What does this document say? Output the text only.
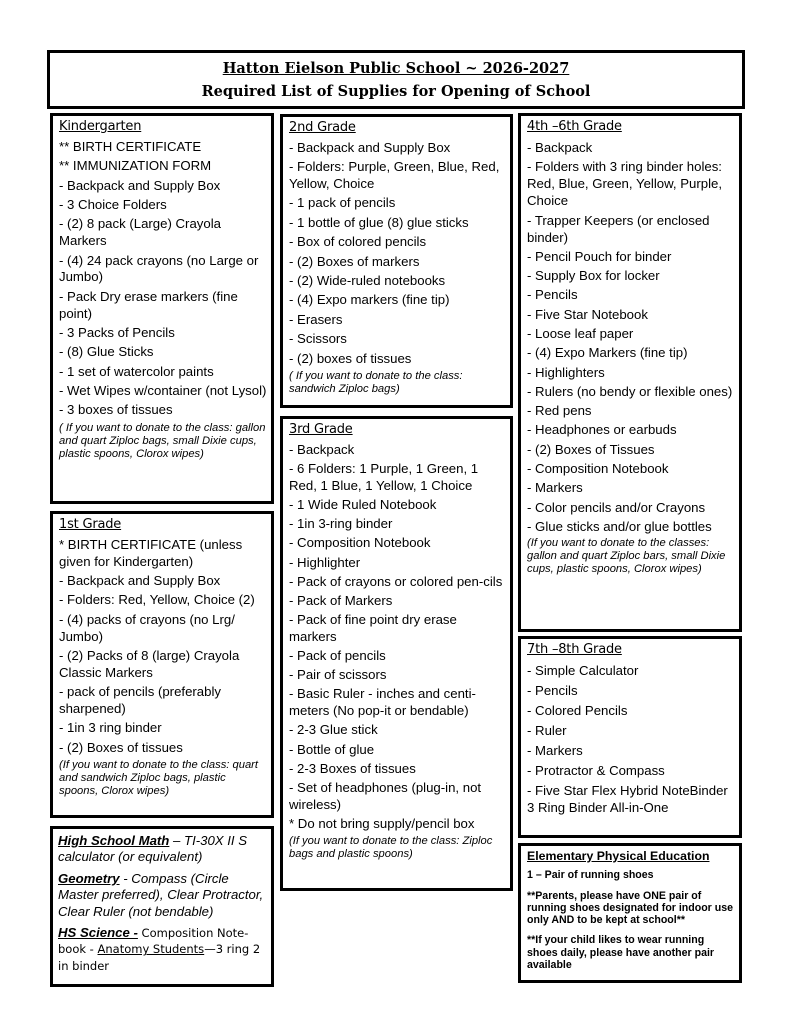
Hatton Eielson Public School ~ 2026-2027
Required List of Supplies for Opening of School
Kindergarten
** BIRTH CERTIFICATE
** IMMUNIZATION FORM
- Backpack and Supply Box
- 3 Choice Folders
- (2) 8 pack (Large) Crayola Markers
- (4) 24 pack crayons (no Large or Jumbo)
- Pack Dry erase markers (fine point)
- 3 Packs of Pencils
- (8) Glue Sticks
- 1 set of watercolor paints
- Wet Wipes w/container (not Lysol)
- 3 boxes of tissues
( If you want to donate to the class: gallon and quart Ziploc bags, small Dixie cups, plastic spoons, Clorox wipes)
1st Grade
* BIRTH CERTIFICATE (unless given for Kindergarten)
- Backpack and Supply Box
- Folders: Red, Yellow, Choice (2)
- (4) packs of crayons (no Lrg/ Jumbo)
- (2) Packs of 8 (large) Crayola Classic Markers
- pack of pencils (preferably sharpened)
- 1in 3 ring binder
- (2) Boxes of tissues
(If you want to donate to the class: quart and sandwich Ziploc bags, plastic spoons, Clorox wipes)

High School Math – TI-30X II S calculator (or equivalent)

Geometry - Compass (Circle Master preferred), Clear Protractor, Clear Ruler (not bendable)

HS Science - Composition Note-book - Anatomy Students—3 ring 2 in binder

2nd Grade
- Backpack and Supply Box
- Folders: Purple, Green, Blue, Red, Yellow, Choice
- 1 pack of pencils
- 1 bottle of glue (8) glue sticks
- Box of colored pencils
- (2) Boxes of markers
- (2) Wide-ruled notebooks
- (4) Expo markers (fine tip)
- Erasers
- Scissors
- (2) boxes of tissues
( If you want to donate to the class: sandwich Ziploc bags)
3rd Grade
- Backpack
- 6 Folders: 1 Purple, 1 Green, 1 Red, 1 Blue, 1 Yellow, 1 Choice
- 1 Wide Ruled Notebook
- 1in 3-ring binder
- Composition Notebook
- Highlighter
- Pack of crayons or colored pen-cils
- Pack of Markers
- Pack of fine point dry erase markers
- Pack of pencils
- Pair of scissors
- Basic Ruler - inches and centi-meters (No pop-it or bendable)
- 2-3 Glue stick
- Bottle of glue
- 2-3 Boxes of tissues
- Set of headphones (plug-in, not wireless)
* Do not bring supply/pencil box
(If you want to donate to the class: Ziploc bags and plastic spoons)
4th –6th Grade
- Backpack
- Folders with 3 ring binder holes: Red, Blue, Green, Yellow, Purple, Choice
- Trapper Keepers (or enclosed binder)
- Pencil Pouch for binder
- Supply Box for locker
- Pencils
- Five Star Notebook
- Loose leaf paper
- (4) Expo Markers (fine tip)
- Highlighters
- Rulers (no bendy or flexible ones)
- Red pens
- Headphones or earbuds
- (2) Boxes of Tissues
- Composition Notebook
- Markers
- Color pencils and/or Crayons
- Glue sticks and/or glue bottles
(If you want to donate to the classes: gallon and quart Ziploc bars, small Dixie cups, plastic spoons, Clorox wipes)
7th –8th Grade
- Simple Calculator
- Pencils
- Colored Pencils
- Ruler
- Markers
- Protractor & Compass
- Five Star Flex Hybrid NoteBinder 3 Ring Binder All-in-One
Elementary Physical Education

1 – Pair of running shoes

**Parents, please have ONE pair of running shoes designated for indoor use only AND to be kept at school**

**If your child likes to wear running shoes daily, please have another pair available
